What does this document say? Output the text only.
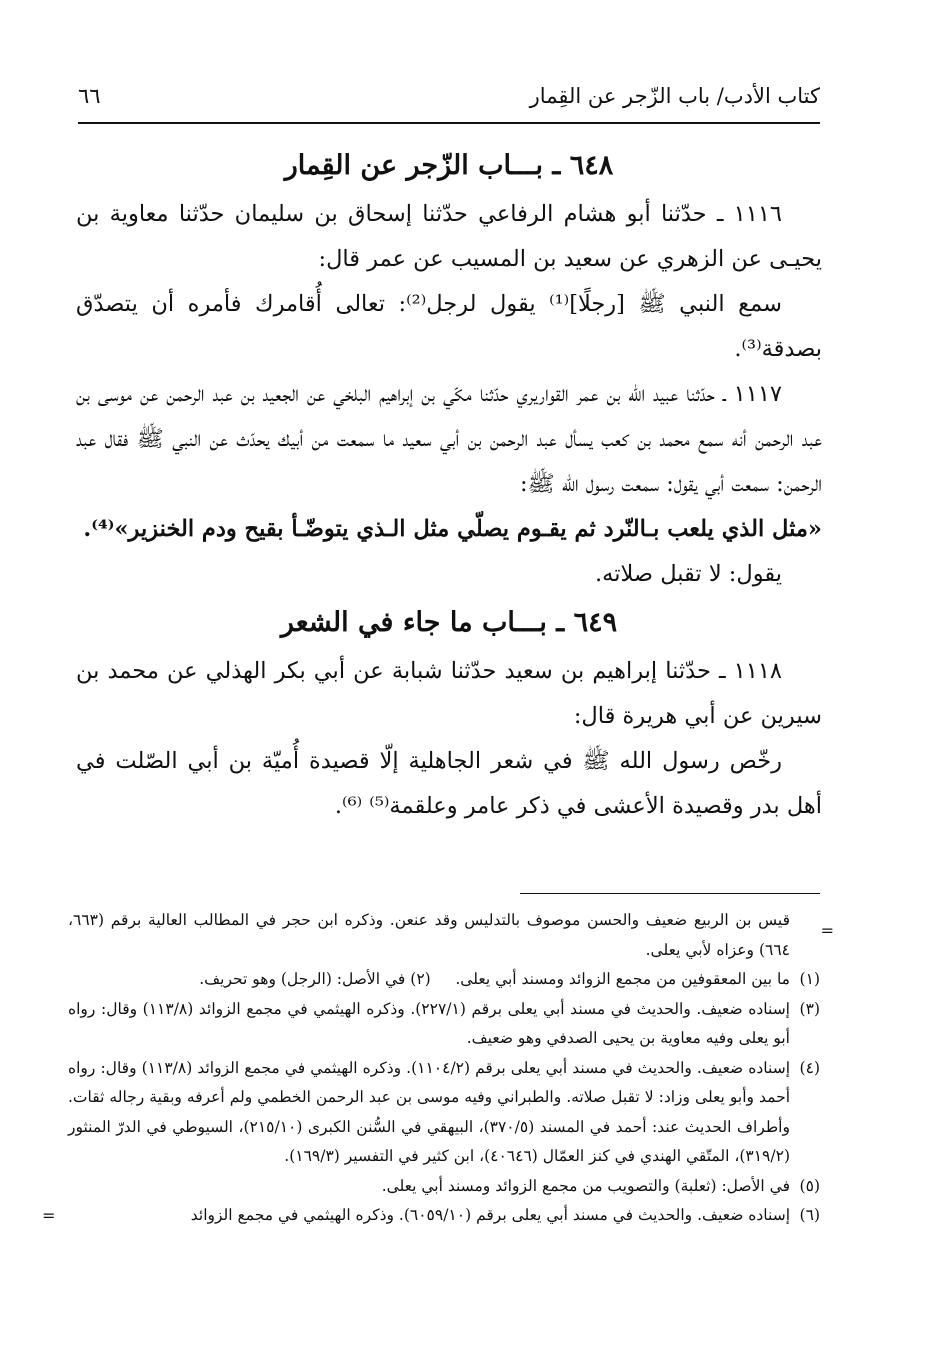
كتاب الأدب/ باب الزّجر عن القِمار
٦٦

٦٤٨ ـ بـــاب الزّجر عن القِمار

١١١٦ ـ حدّثنا أبو هشام الرفاعي حدّثنا إسحاق بن سليمان حدّثنا معاوية بن يحيـى عن الزهري عن سعيد بن المسيب عن عمر قال:

سمع النبي ﷺ [رجلًا]⁽¹⁾ يقول لرجل⁽²⁾: تعالى أُقامرك فأمره أن يتصدّق بصدقة⁽³⁾.

١١١٧ ـ حدّثنا عبيد الله بن عمر القواريري حدّثنا مكّي بن إبراهيم البلخي عن الجعيد بن عبد الرحمن عن موسى بن عبد الرحمن أنه سمع محمد بن كعب يسأل عبد الرحمن بن أبي سعيد ما سمعت من أبيك يحدّث عن النبي ﷺ فقال عبد الرحمن: سمعت أبي يقول: سمعت رسول الله ﷺ:

«مثل الذي يلعب بـالنّرد ثم يقـوم يصلّي مثل الـذي يتوضّـأ بقيح ودم الخنزير»⁽⁴⁾.

يقول: لا تقبل صلاته.

٦٤٩ ـ بـــاب ما جاء في الشعر

١١١٨ ـ حدّثنا إبراهيم بن سعيد حدّثنا شبابة عن أبي بكر الهذلي عن محمد بن سيرين عن أبي هريرة قال:

رخّص رسول الله ﷺ في شعر الجاهلية إلّا قصيدة أُميّة بن أبي الصّلت في أهل بدر وقصيدة الأعشى في ذكر عامر وعلقمة⁽⁵⁾ ⁽⁶⁾.

=
قيس بن الربيع ضعيف والحسن موصوف بالتدليس وقد عنعن. وذكره ابن حجر في المطالب العالية برقم (٦٦٣، ٦٦٤) وعزاه لأبي يعلى.

(١)
ما بين المعقوفين من مجمع الزوائد ومسند أبي يعلى.     (٢) في الأصل: (الرجل) وهو تحريف.

(٣)
إسناده ضعيف. والحديث في مسند أبي يعلى برقم (٢٢٧/١). وذكره الهيثمي في مجمع الزوائد (١١٣/٨) وقال: رواه أبو يعلى وفيه معاوية بن يحيى الصدفي وهو ضعيف.

(٤)
إسناده ضعيف. والحديث في مسند أبي يعلى برقم (١١٠٤/٢). وذكره الهيثمي في مجمع الزوائد (١١٣/٨) وقال: رواه أحمد وأبو يعلى وزاد: لا تقبل صلاته. والطبراني وفيه موسى بن عبد الرحمن الخطمي ولم أعرفه وبقية رجاله ثقات. وأطراف الحديث عند: أحمد في المسند (٣٧٠/٥)، البيهقي في السُّنن الكبرى (٢١٥/١٠)، السيوطي في الدرّ المنثور (٣١٩/٢)، المتّقي الهندي في كنز العمّال (٤٠٦٤٦)، ابن كثير في التفسير (١٦٩/٣).

(٥)
في الأصل: (ثعلبة) والتصويب من مجمع الزوائد ومسند أبي يعلى.

(٦)
إسناده ضعيف. والحديث في مسند أبي يعلى برقم (٦٠٥٩/١٠). وذكره الهيثمي في مجمع الزوائد
=
